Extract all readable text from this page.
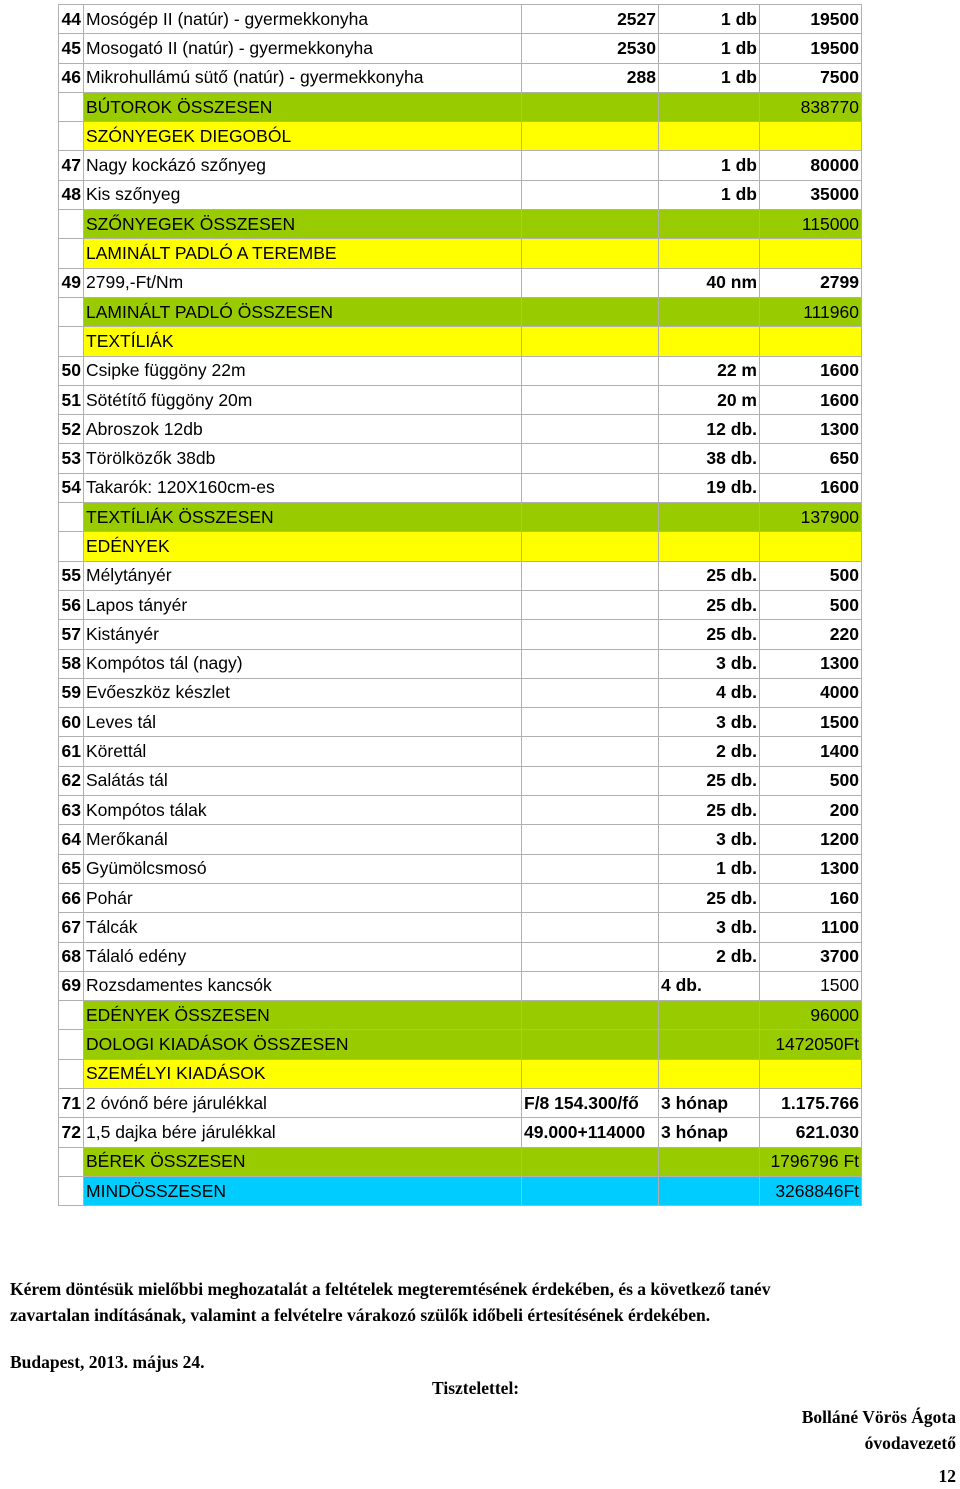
44	Mosógép II (natúr) - gyermekkonyha	2527	1 db	19500
45	Mosogató II (natúr) - gyermekkonyha	2530	1 db	19500
46	Mikrohullámú sütő (natúr) - gyermekkonyha	288	1 db	7500
	BÚTOROK ÖSSZESEN			838770
	SZÓNYEGEK DIEGOBÓL			
47	Nagy kockázó szőnyeg		1 db	80000
48	Kis szőnyeg		1 db	35000
	SZŐNYEGEK ÖSSZESEN			115000
	LAMINÁLT PADLÓ A TEREMBE			
49	2799,-Ft/Nm		40 nm	2799
	LAMINÁLT PADLÓ ÖSSZESEN			111960
	TEXTÍLIÁK			
50	Csipke függöny 22m		22 m	1600
51	Sötétítő függöny 20m		20 m	1600
52	Abroszok 12db		12 db.	1300
53	Törölközők 38db		38 db.	650
54	Takarók: 120X160cm-es		19 db.	1600
	TEXTÍLIÁK ÖSSZESEN			137900
	EDÉNYEK			
55	Mélytányér		25 db.	500
56	Lapos tányér		25 db.	500
57	Kistányér		25 db.	220
58	Kompótos tál (nagy)		3 db.	1300
59	Evőeszköz készlet		4 db.	4000
60	Leves tál		3 db.	1500
61	Körettál		2 db.	1400
62	Salátás tál		25 db.	500
63	Kompótos tálak		25 db.	200
64	Merőkanál		3 db.	1200
65	Gyümölcsmosó		1 db.	1300
66	Pohár		25 db.	160
67	Tálcák		3 db.	1100
68	Tálaló edény		2 db.	3700
69	Rozsdamentes kancsók		4 db.	1500
	EDÉNYEK ÖSSZESEN			96000
	DOLOGI KIADÁSOK ÖSSZESEN			1472050Ft
	SZEMÉLYI KIADÁSOK			
71	2 óvónő bére járulékkal	F/8 154.300/fő	3 hónap	1.175.766
72	1,5 dajka bére járulékkal	49.000+114000	3 hónap	621.030
	BÉREK ÖSSZESEN			1796796 Ft
	MINDÖSSZESEN			3268846Ft
Kérem döntésük mielőbbi meghozatalát a feltételek megteremtésének érdekében, és a következő tanév
zavartalan indításának, valamint a felvételre várakozó szülők időbeli értesítésének érdekében.
Budapest, 2013. május 24.
Tisztelettel:
Bolláné Vörös Ágota
óvodavezető
12
